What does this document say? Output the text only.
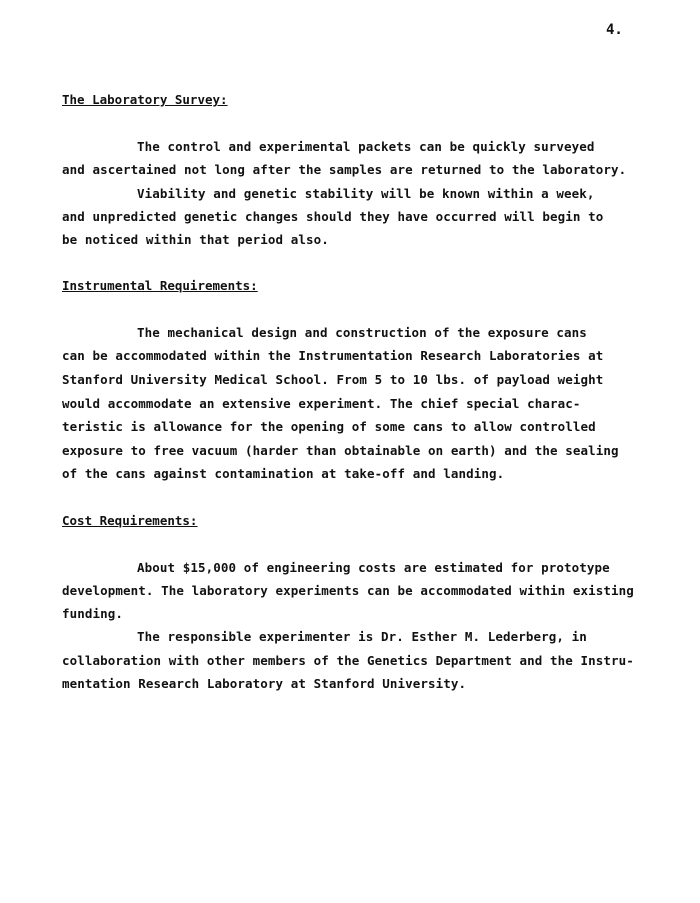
4.
The Laboratory Survey:
The control and experimental packets can be quickly surveyed
and ascertained not long after the samples are returned to the laboratory.
Viability and genetic stability will be known within a week,
and unpredicted genetic changes should they have occurred will begin to
be noticed within that period also.
Instrumental Requirements:
The mechanical design and construction of the exposure cans
can be accommodated within the Instrumentation Research Laboratories at
Stanford University Medical School. From 5 to 10 lbs. of payload weight
would accommodate an extensive experiment. The chief special charac-
teristic is allowance for the opening of some cans to allow controlled
exposure to free vacuum (harder than obtainable on earth) and the sealing
of the cans against contamination at take-off and landing.
Cost Requirements:
About $15,000 of engineering costs are estimated for prototype
development. The laboratory experiments can be accommodated within existing
funding.
The responsible experimenter is Dr. Esther M. Lederberg, in
collaboration with other members of the Genetics Department and the Instru-
mentation Research Laboratory at Stanford University.
